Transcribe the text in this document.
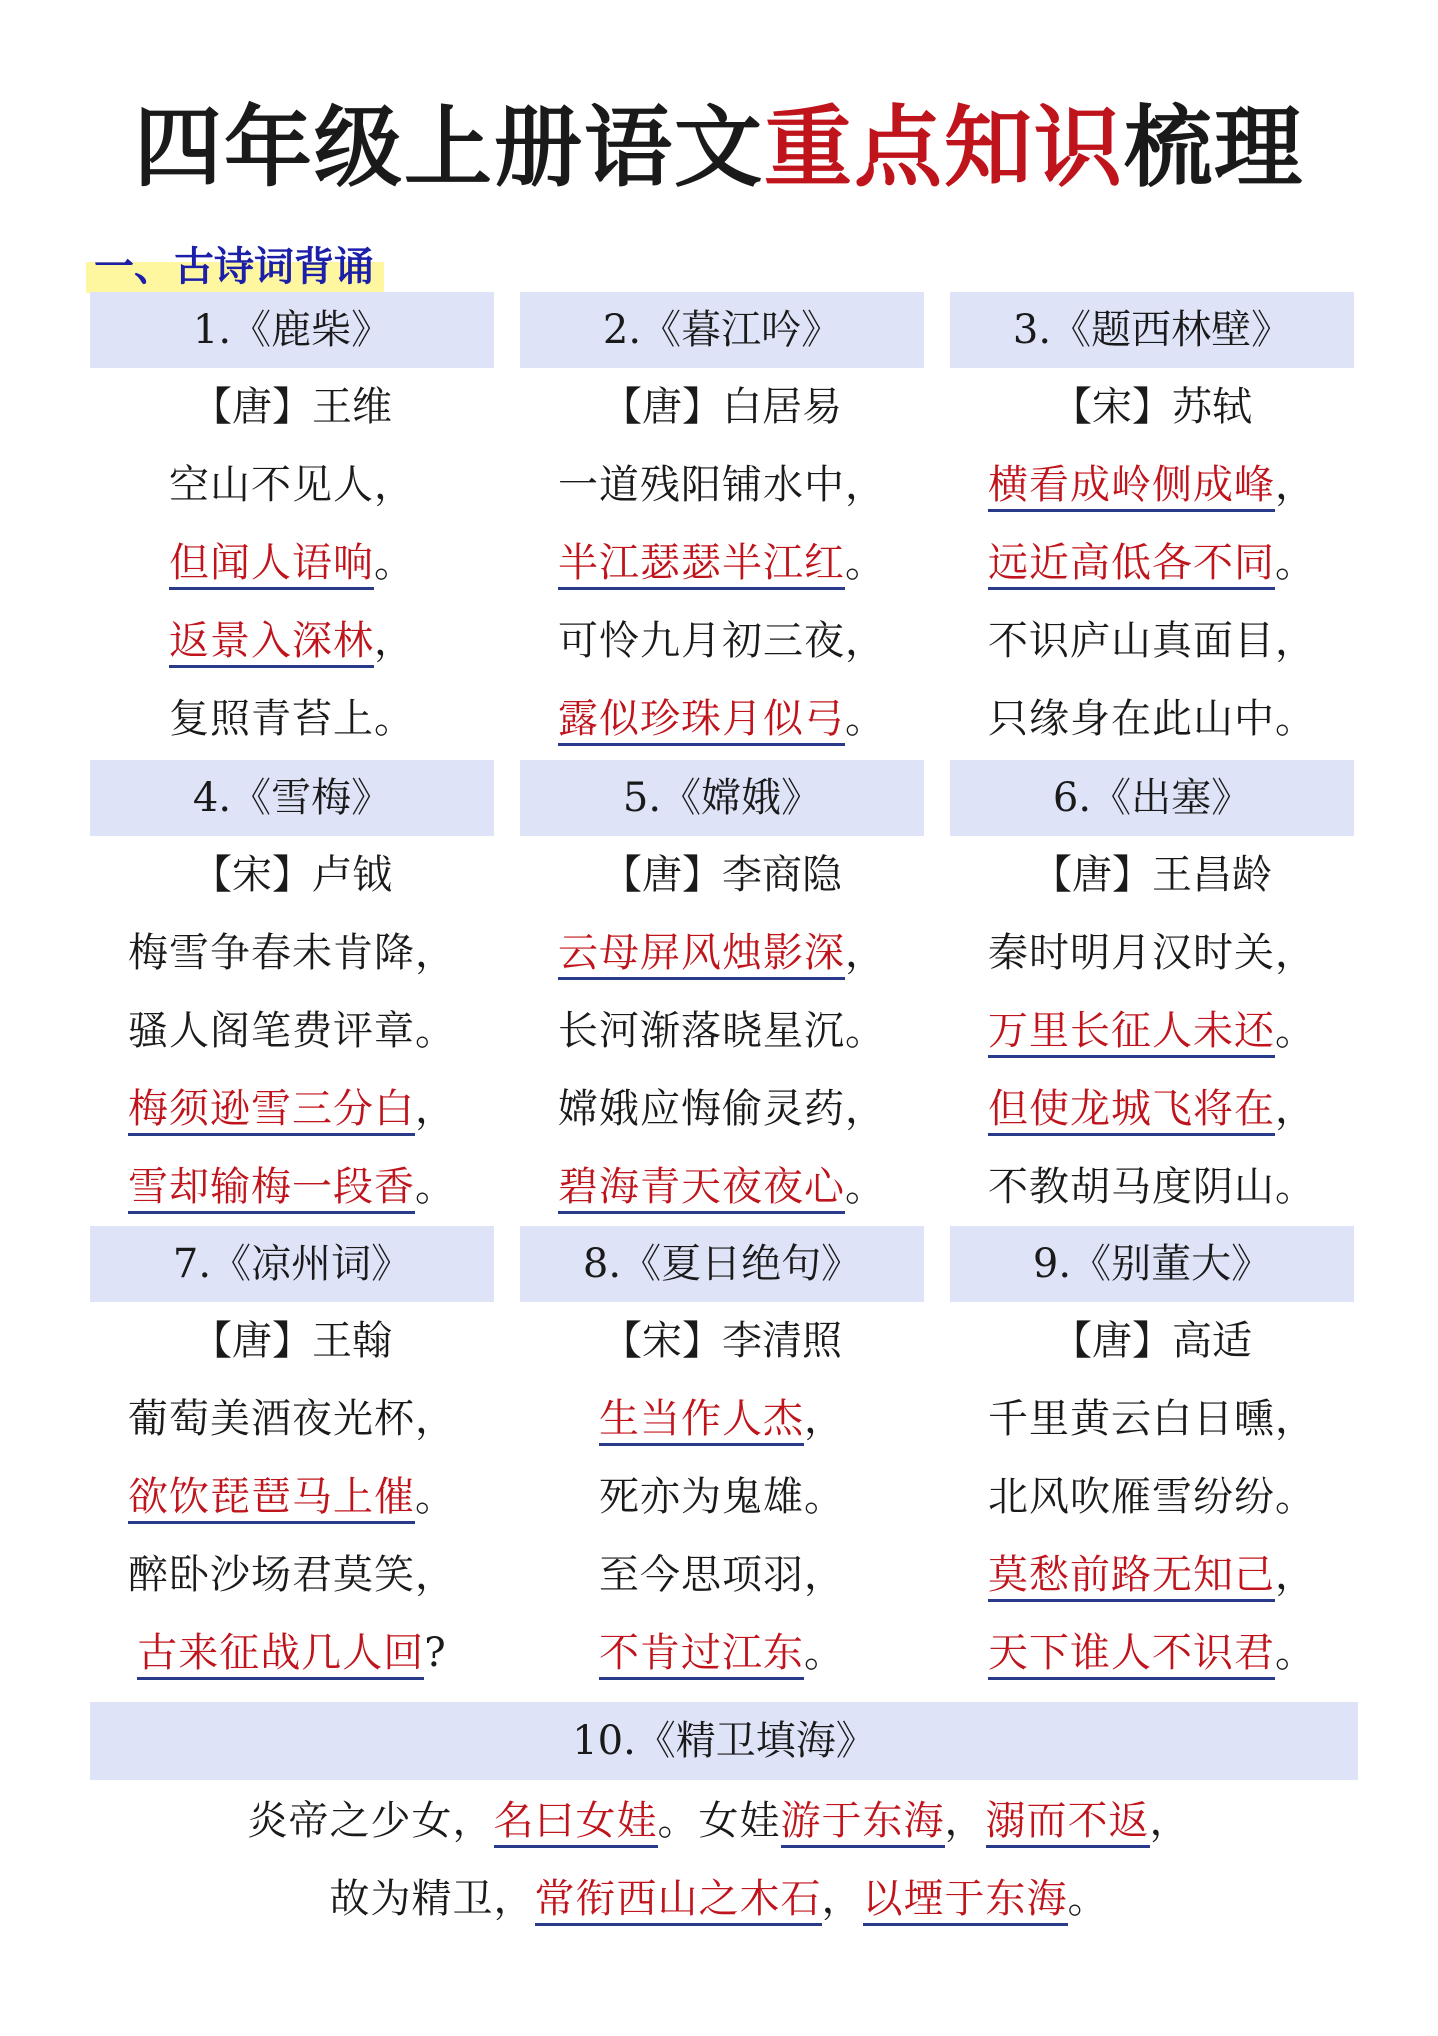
四年级上册语文重点知识梳理
一、古诗词背诵
1.《鹿柴》
【唐】王维
空山不见人，
但闻人语响。
返景入深林，
复照青苔上。
2.《暮江吟》
【唐】白居易
一道残阳铺水中，
半江瑟瑟半江红。
可怜九月初三夜，
露似珍珠月似弓。
3.《题西林壁》
【宋】苏轼
横看成岭侧成峰，
远近高低各不同。
不识庐山真面目，
只缘身在此山中。
4.《雪梅》
【宋】卢钺
梅雪争春未肯降，
骚人阁笔费评章。
梅须逊雪三分白，
雪却输梅一段香。
5.《嫦娥》
【唐】李商隐
云母屏风烛影深，
长河渐落晓星沉。
嫦娥应悔偷灵药，
碧海青天夜夜心。
6.《出塞》
【唐】王昌龄
秦时明月汉时关，
万里长征人未还。
但使龙城飞将在，
不教胡马度阴山。
7.《凉州词》
【唐】王翰
葡萄美酒夜光杯，
欲饮琵琶马上催。
醉卧沙场君莫笑，
古来征战几人回?
8.《夏日绝句》
【宋】李清照
生当作人杰，
死亦为鬼雄。
至今思项羽，
不肯过江东。
9.《别董大》
【唐】高适
千里黄云白日曛，
北风吹雁雪纷纷。
莫愁前路无知己，
天下谁人不识君。
10.《精卫填海》
炎帝之少女，名曰女娃。女娃游于东海，溺而不返，
故为精卫，常衔西山之木石，以堙于东海。
